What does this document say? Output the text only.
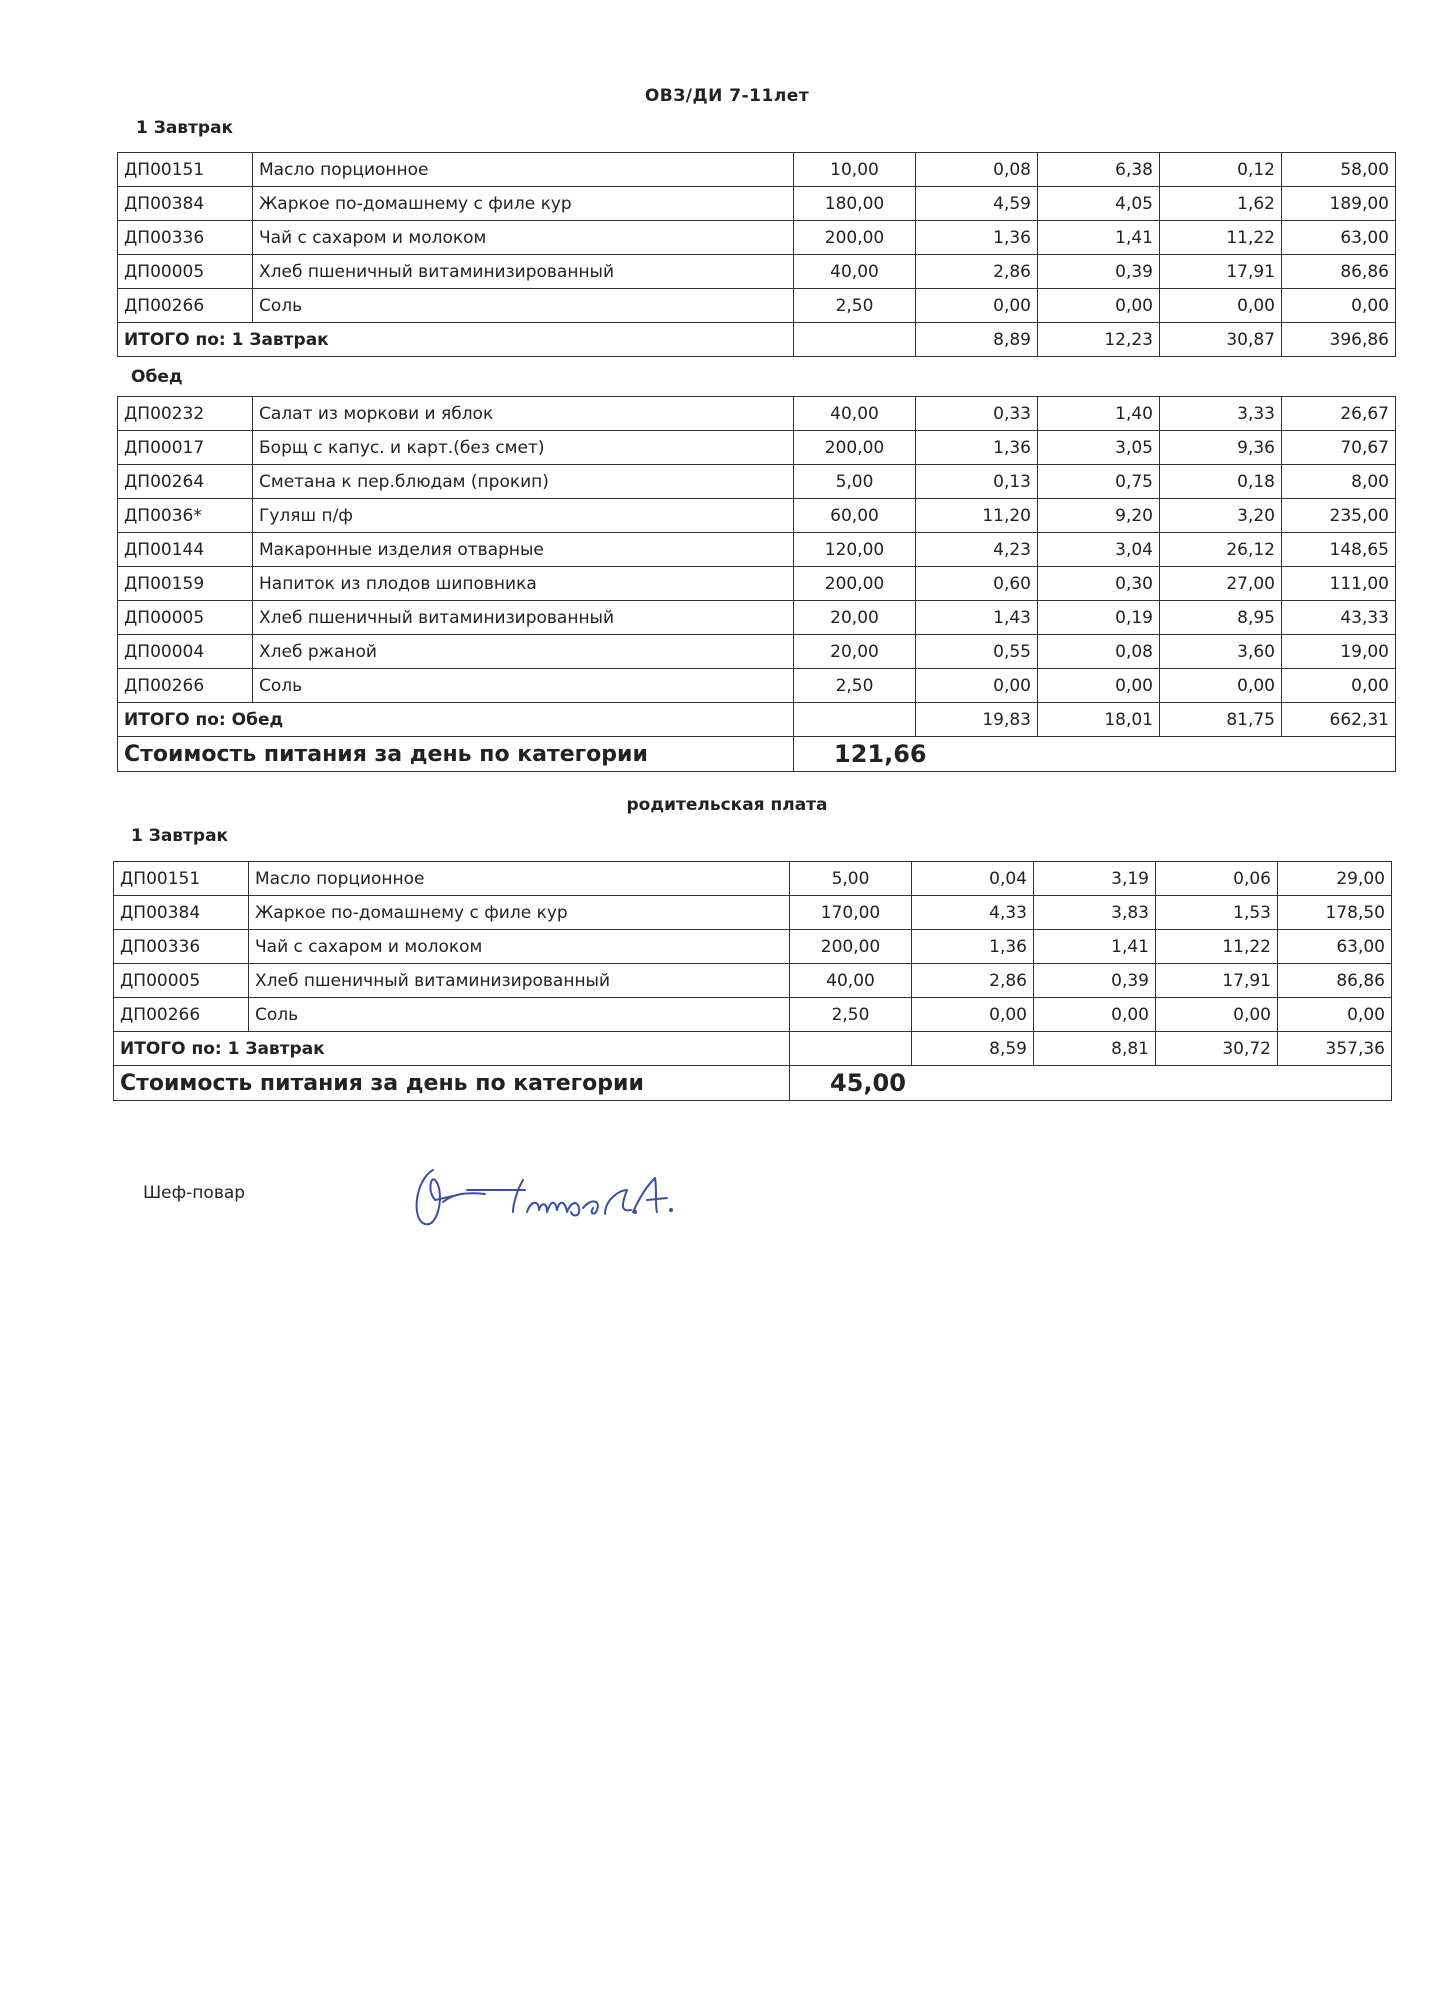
ОВЗ/ДИ 7-11лет
1 Завтрак
ДП00151	Масло порционное	10,00	0,08	6,38	0,12	58,00
ДП00384	Жаркое по-домашнему с филе кур	180,00	4,59	4,05	1,62	189,00
ДП00336	Чай с сахаром и молоком	200,00	1,36	1,41	11,22	63,00
ДП00005	Хлеб пшеничный витаминизированный	40,00	2,86	0,39	17,91	86,86
ДП00266	Соль	2,50	0,00	0,00	0,00	0,00
ИТОГО по: 1 Завтрак			8,89	12,23	30,87	396,86
Обед
ДП00232	Салат из моркови и яблок	40,00	0,33	1,40	3,33	26,67
ДП00017	Борщ с капус. и карт.(без смет)	200,00	1,36	3,05	9,36	70,67
ДП00264	Сметана к пер.блюдам (прокип)	5,00	0,13	0,75	0,18	8,00
ДП0036*	Гуляш п/ф	60,00	11,20	9,20	3,20	235,00
ДП00144	Макаронные изделия отварные	120,00	4,23	3,04	26,12	148,65
ДП00159	Напиток из плодов шиповника	200,00	0,60	0,30	27,00	111,00
ДП00005	Хлеб пшеничный витаминизированный	20,00	1,43	0,19	8,95	43,33
ДП00004	Хлеб ржаной	20,00	0,55	0,08	3,60	19,00
ДП00266	Соль	2,50	0,00	0,00	0,00	0,00
ИТОГО по: Обед			19,83	18,01	81,75	662,31
Стоимость питания за день по категории		121,66				
родительская плата
1 Завтрак
ДП00151	Масло порционное	5,00	0,04	3,19	0,06	29,00
ДП00384	Жаркое по-домашнему с филе кур	170,00	4,33	3,83	1,53	178,50
ДП00336	Чай с сахаром и молоком	200,00	1,36	1,41	11,22	63,00
ДП00005	Хлеб пшеничный витаминизированный	40,00	2,86	0,39	17,91	86,86
ДП00266	Соль	2,50	0,00	0,00	0,00	0,00
ИТОГО по: 1 Завтрак			8,59	8,81	30,72	357,36
Стоимость питания за день по категории		45,00				
Шеф-повар
